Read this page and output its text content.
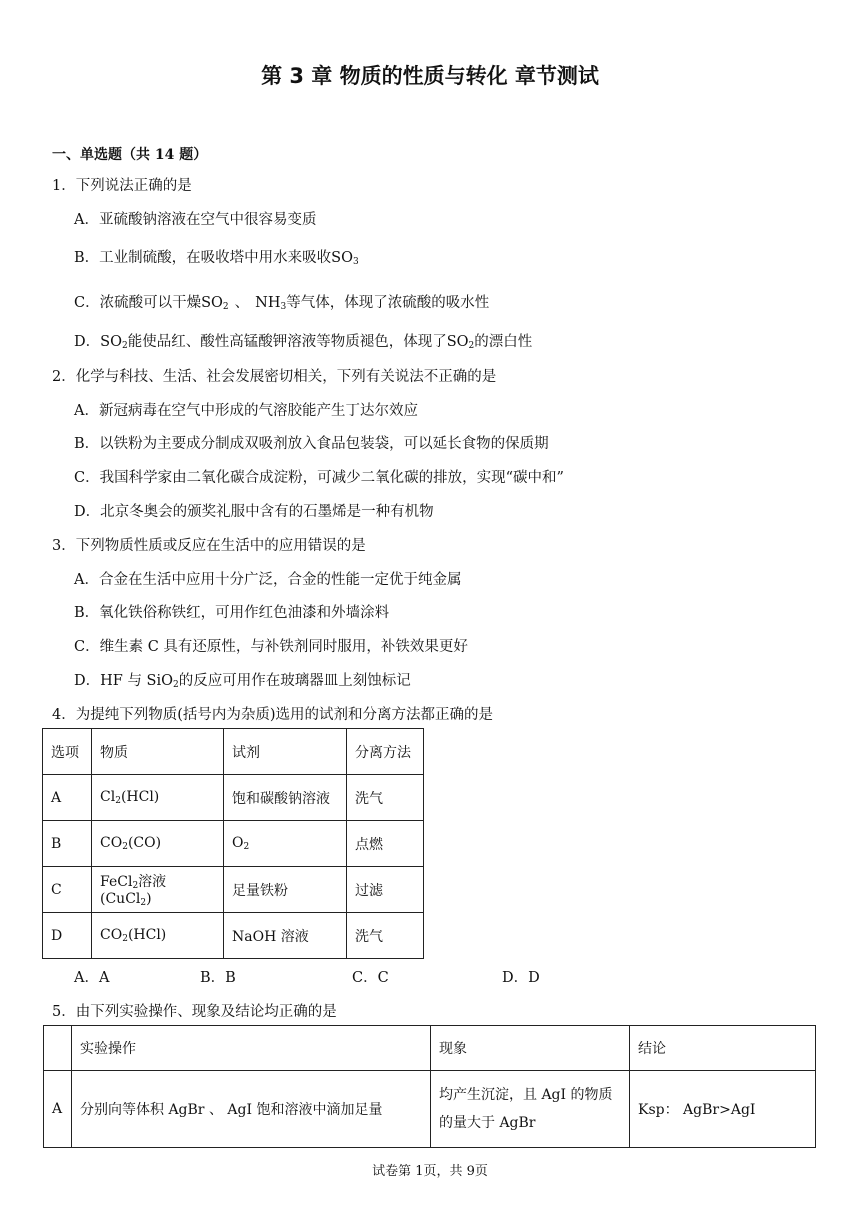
第 3 章 物质的性质与转化 章节测试
一、单选题（共 14 题）
1．下列说法正确的是
A．亚硫酸钠溶液在空气中很容易变质
B．工业制硫酸，在吸收塔中用水来吸收$SO_3$
C．浓硫酸可以干燥$SO_2$ 、 $NH_3$等气体，体现了浓硫酸的吸水性
D．$SO_2$能使品红、酸性高锰酸钾溶液等物质褪色，体现了$SO_2$的漂白性
2．化学与科技、生活、社会发展密切相关，下列有关说法不正确的是
A．新冠病毒在空气中形成的气溶胶能产生丁达尔效应
B．以铁粉为主要成分制成双吸剂放入食品包装袋，可以延长食物的保质期
C．我国科学家由二氧化碳合成淀粉，可减少二氧化碳的排放，实现“碳中和”
D．北京冬奥会的颁奖礼服中含有的石墨烯是一种有机物
3．下列物质性质或反应在生活中的应用错误的是
A．合金在生活中应用十分广泛，合金的性能一定优于纯金属
B．氧化铁俗称铁红，可用作红色油漆和外墙涂料
C．维生素 C 具有还原性，与补铁剂同时服用，补铁效果更好
D．HF 与 SiO$_2$的反应可用作在玻璃器皿上刻蚀标记
4．为提纯下列物质(括号内为杂质)选用的试剂和分离方法都正确的是
选项	物质	试剂	分离方法
A	$Cl_2(HCl)$	饱和碳酸钠溶液	洗气
B	$CO_2(CO)$	$O_2$	点燃
C	FeCl$_2$溶液(CuCl$_2$)	足量铁粉	过滤
D	$CO_2(HCl)$	NaOH 溶液	洗气
A．A	B．B	C．C	D．D
5．由下列实验操作、现象及结论均正确的是
	实验操作	现象	结论
A	分别向等体积 AgBr 、 AgI 饱和溶液中滴加足量	均产生沉淀，且 AgI 的物质的量大于 AgBr	Ksp： AgBr>AgI
试卷第 1页，共 9页
